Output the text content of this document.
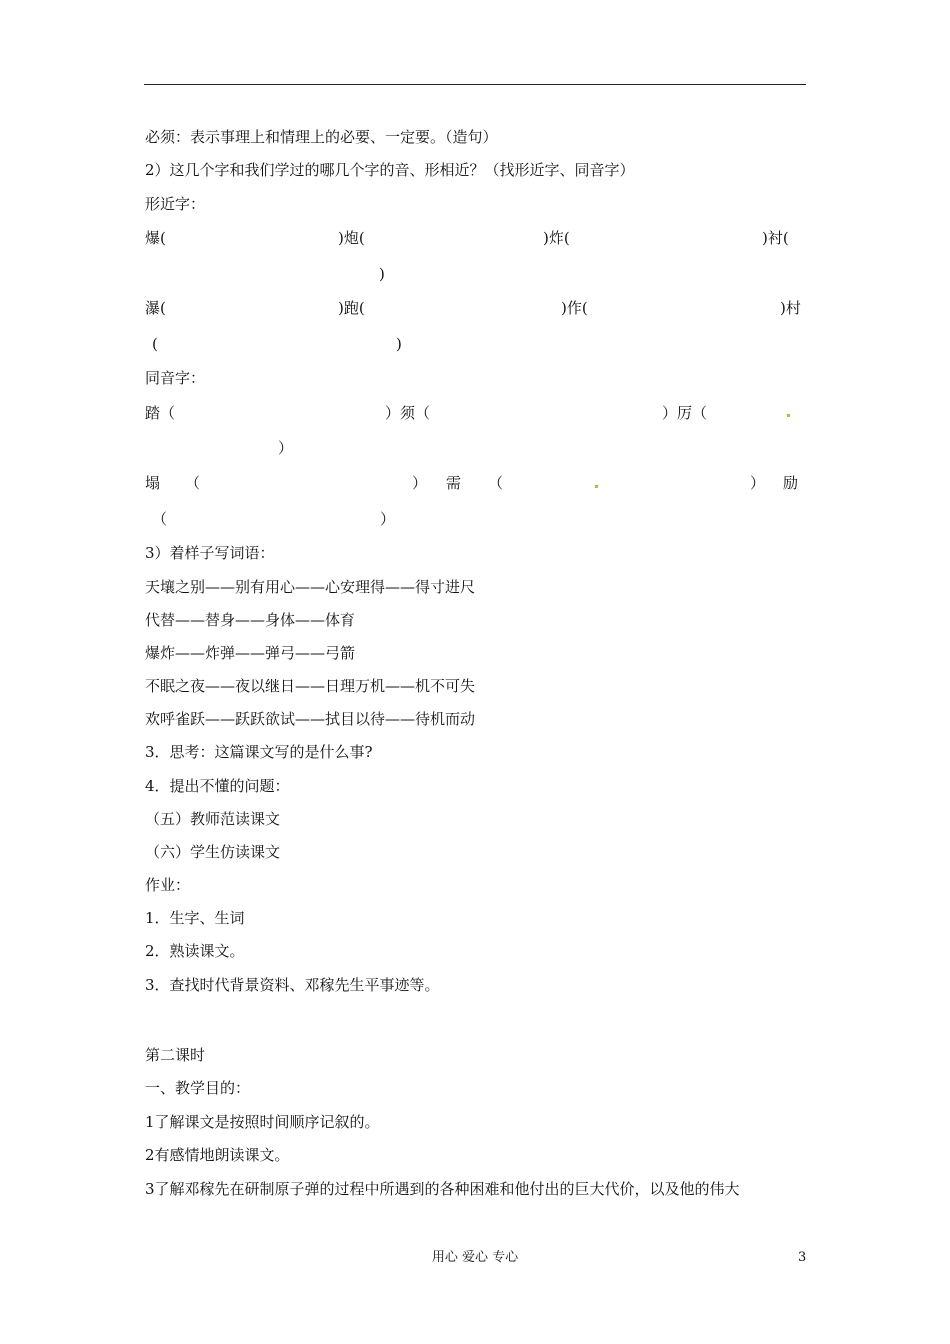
必须：表示事理上和情理上的必要、一定要。（造句）
2）这几个字和我们学过的哪几个字的音、形相近？（找形近字、同音字）
形近字：
爆(	)炮(	)炸(	)衬(
)
瀑(	)跑(	)作(	)村
(	)
同音字：
踏（	）须（	）厉（
）
塌 （	） 需 （	） 励
（	）
3）着样子写词语：
天壤之别——别有用心——心安理得——得寸进尺
代替——替身——身体——体育
爆炸——炸弹——弹弓——弓箭
不眠之夜——夜以继日——日理万机——机不可失
欢呼雀跃——跃跃欲试——拭目以待——待机而动
3．思考：这篇课文写的是什么事?
4．提出不懂的问题：
（五）教师范读课文
（六）学生仿读课文
作业：
1．生字、生词
2．熟读课文。
3．查找时代背景资料、邓稼先生平事迹等。
第二课时
一、教学目的：
1了解课文是按照时间顺序记叙的。
2有感情地朗读课文。
3了解邓稼先在研制原子弹的过程中所遇到的各种困难和他付出的巨大代价，以及他的伟大
用心 爱心 专心	3
